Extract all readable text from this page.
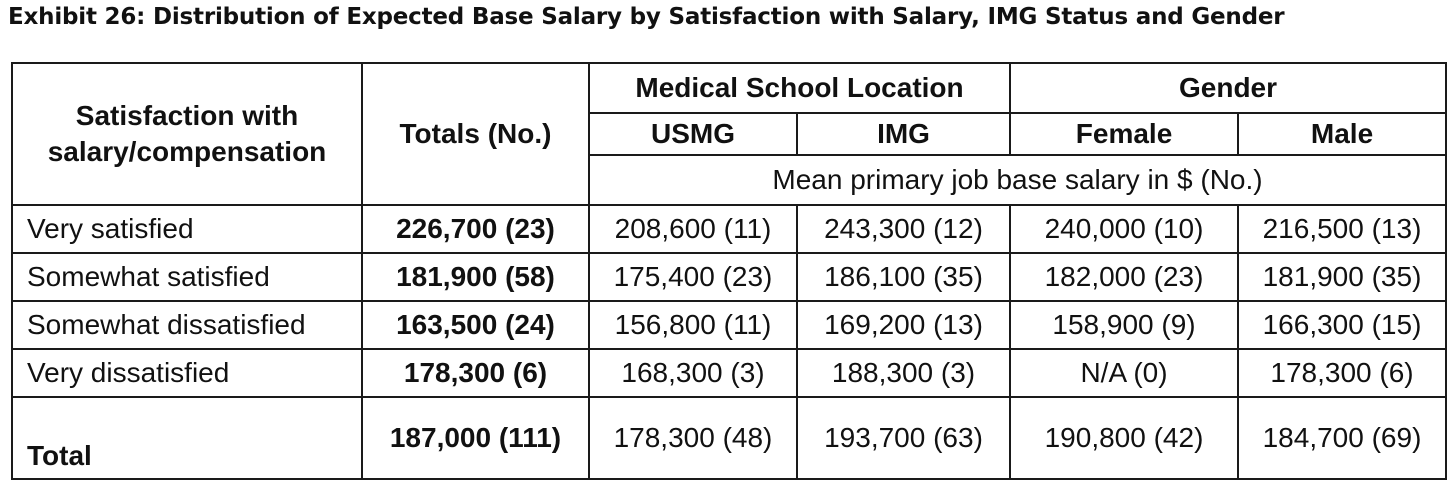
Exhibit 26: Distribution of Expected Base Salary by Satisfaction with Salary, IMG Status and Gender
Satisfaction with salary/compensation	Totals (No.)	Medical School Location		Gender	
		USMG	IMG	Female	Male
		Mean primary job base salary in $ (No.)			
Very satisfied	226,700 (23)	208,600 (11)	243,300 (12)	240,000 (10)	216,500 (13)
Somewhat satisfied	181,900 (58)	175,400 (23)	186,100 (35)	182,000 (23)	181,900 (35)
Somewhat dissatisfied	163,500 (24)	156,800 (11)	169,200 (13)	158,900 (9)	166,300 (15)
Very dissatisfied	178,300 (6)	168,300 (3)	188,300 (3)	N/A (0)	178,300 (6)
Total	187,000 (111)	178,300 (48)	193,700 (63)	190,800 (42)	184,700 (69)
